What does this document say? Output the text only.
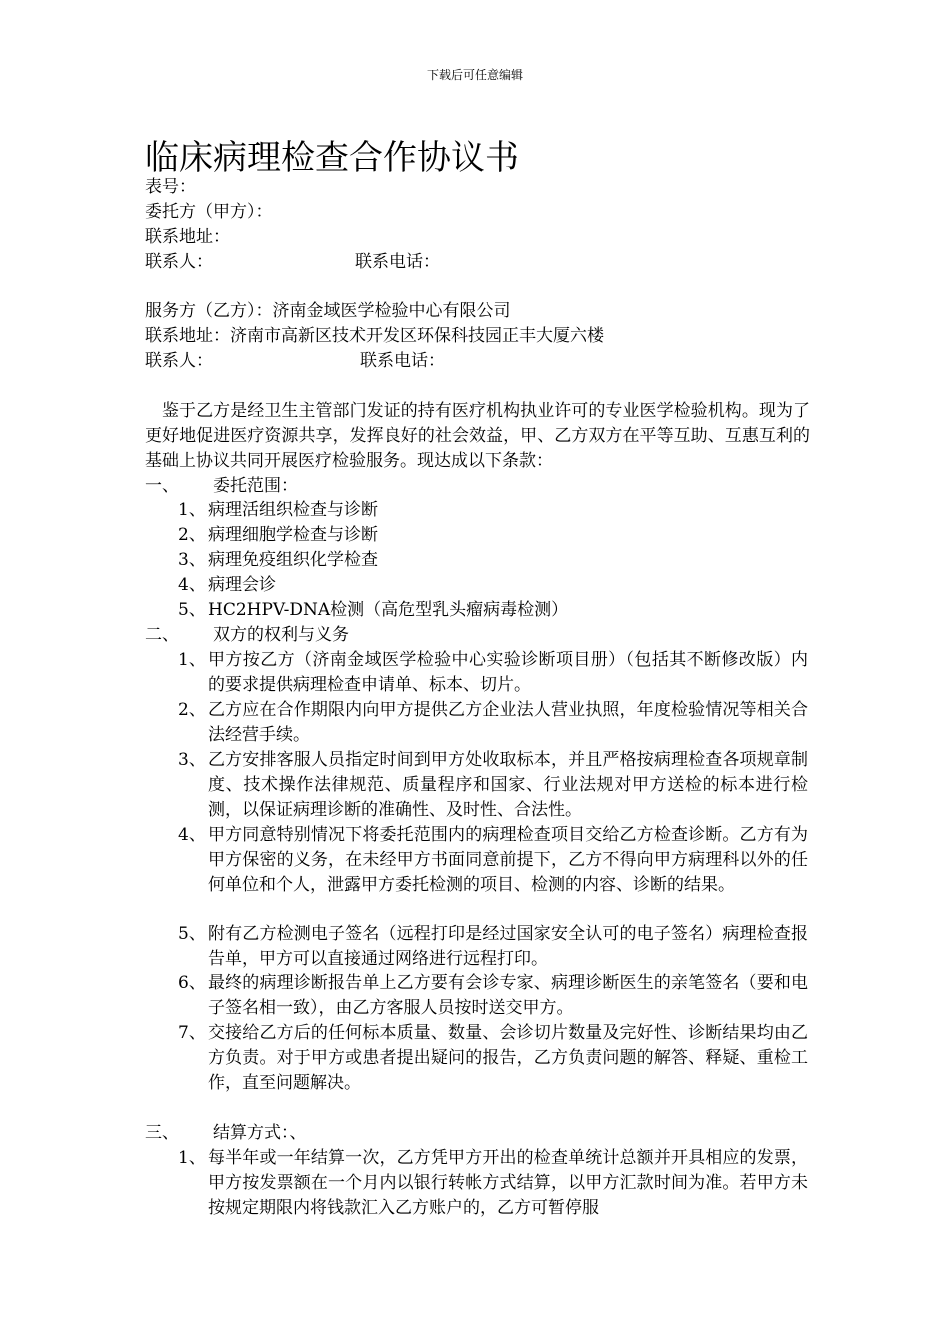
下载后可任意编辑
临床病理检查合作协议书
表号：
委托方（甲方）：
联系地址：
联系人：	联系电话：
服务方（乙方）：济南金域医学检验中心有限公司
联系地址：济南市高新区技术开发区环保科技园正丰大厦六楼
联系人：	联系电话：
鉴于乙方是经卫生主管部门发证的持有医疗机构执业许可的专业医学检验机构。现为了更好地促进医疗资源共享，发挥良好的社会效益，甲、乙方双方在平等互助、互惠互利的基础上协议共同开展医疗检验服务。现达成以下条款：
一、 委托范围：
1、 病理活组织检查与诊断
2、 病理细胞学检查与诊断
3、 病理免疫组织化学检查
4、 病理会诊
5、 HC2HPV-DNA检测（高危型乳头瘤病毒检测）
二、 双方的权利与义务
1、 甲方按乙方（济南金域医学检验中心实验诊断项目册）（包括其不断修改版）内的要求提供病理检查申请单、标本、切片。
2、 乙方应在合作期限内向甲方提供乙方企业法人营业执照，年度检验情况等相关合法经营手续。
3、 乙方安排客服人员指定时间到甲方处收取标本，并且严格按病理检查各项规章制度、技术操作法律规范、质量程序和国家、行业法规对甲方送检的标本进行检测，以保证病理诊断的准确性、及时性、合法性。
4、 甲方同意特别情况下将委托范围内的病理检查项目交给乙方检查诊断。乙方有为甲方保密的义务，在未经甲方书面同意前提下，乙方不得向甲方病理科以外的任何单位和个人，泄露甲方委托检测的项目、检测的内容、诊断的结果。
5、 附有乙方检测电子签名（远程打印是经过国家安全认可的电子签名）病理检查报告单，甲方可以直接通过网络进行远程打印。
6、 最终的病理诊断报告单上乙方要有会诊专家、病理诊断医生的亲笔签名（要和电子签名相一致），由乙方客服人员按时送交甲方。
7、 交接给乙方后的任何标本质量、数量、会诊切片数量及完好性、诊断结果均由乙方负责。对于甲方或患者提出疑问的报告，乙方负责问题的解答、释疑、重检工作，直至问题解决。
三、 结算方式：、
1、 每半年或一年结算一次，乙方凭甲方开出的检查单统计总额并开具相应的发票，甲方按发票额在一个月内以银行转帐方式结算，以甲方汇款时间为准。若甲方未按规定期限内将钱款汇入乙方账户的，乙方可暂停服
